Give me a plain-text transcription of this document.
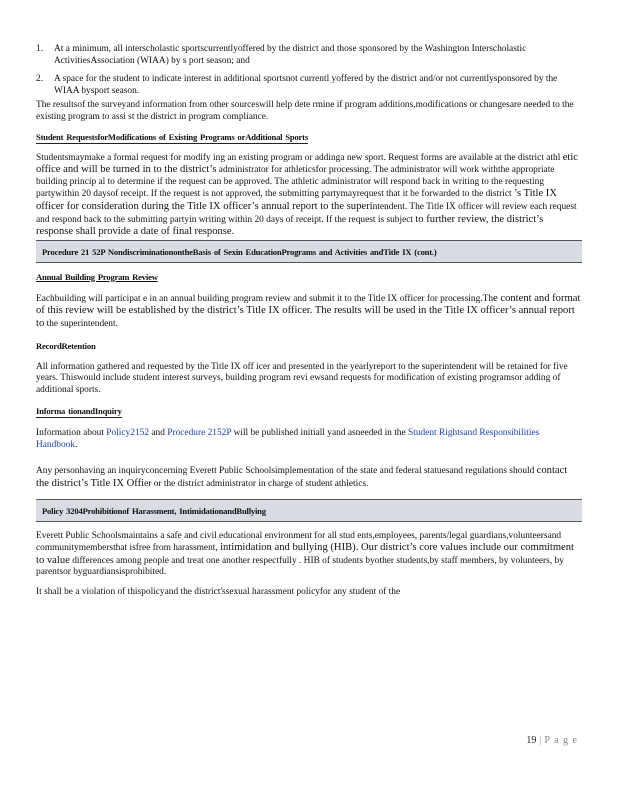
1.	At a minimum, all interscholastic sportscurrentlyoffered by the district and those sponsored by the Washington Interscholastic ActivitiesAssociation (WIAA) by s port season; and
2.	A space for the student to indicate interest in additional sportsnot currentl yoffered by the district and/or not currentlysponsored by the WIAA bysport season.

The resultsof the surveyand information from other sourceswill help dete rmine if program additions,modifications or changesare needed to the existing program to assi st the district in program compliance.

Student RequestsforModifications of Existing Programs orAdditional Sports

Studentsmaymake a formal request for modify ing an existing program or addinga new sport. Request forms are available at the district athl etic office and will be turned in to the district’s administrator for athleticsfor processing. The administrator will work withthe appropriate building princip al to determine if the request can be approved. The athletic administrator will respond back in writing to the requesting partywithin 20 daysof receipt. If the request is not approved, the submitting partymayrequest that it be forwarded to the district ’s Title IX officer for consideration during the Title IX officer’s annual report to the superintendent. The Title IX officer will review each request and respond back to the submitting partyin writing within 20 days of receipt. If the request is subject to further review, the district’s response shall provide a date of final response.

Procedure 21 52P NondiscriminationontheBasis of Sexin EducationPrograms and Activities andTitle IX (cont.)

Annual Building Program Review

Eachbuilding will participat e in an annual building program review and submit it to the Title IX officer for processing.The content and format of this review will be established by the district’s Title IX officer. The results will be used in the Title IX officer’s annual report to the superintendent.

RecordRetention

All information gathered and requested by the Title IX off icer and presented in the yearlyreport to the superintendent will be retained for five years. Thiswould include student interest surveys, building program revi ewsand requests for modification of existing programsor adding of additional sports.

Informa tionandInquiry

Information about Policy2152 and Procedure 2152P will be published initiall yand asneeded in the Student Rightsand Responsibilities Handbook.

Any personhaving an inquiryconcerning Everett Public Schoolsimplementation of the state and federal statuesand regulations should contact the district’s Title IX Offier or the district administrator in charge of student athletics.

Policy 3204Prohibitionof Harassment, IntimidationandBullying

Everett Public Schoolsmaintains a safe and civil educational environment for all stud ents,employees, parents/legal guardians,volunteersand communitymembersthat isfree from harassment, intimidation and bullying (HIB). Our district’s core values include our commitment to value differences among people and treat one another respectfully . HIB of students byother students,by staff members, by volunteers, by parentsor byguardiansisprohibited.

It shall be a violation of thispolicyand the district'ssexual harassment policyfor any student of the

19 | P a g e
